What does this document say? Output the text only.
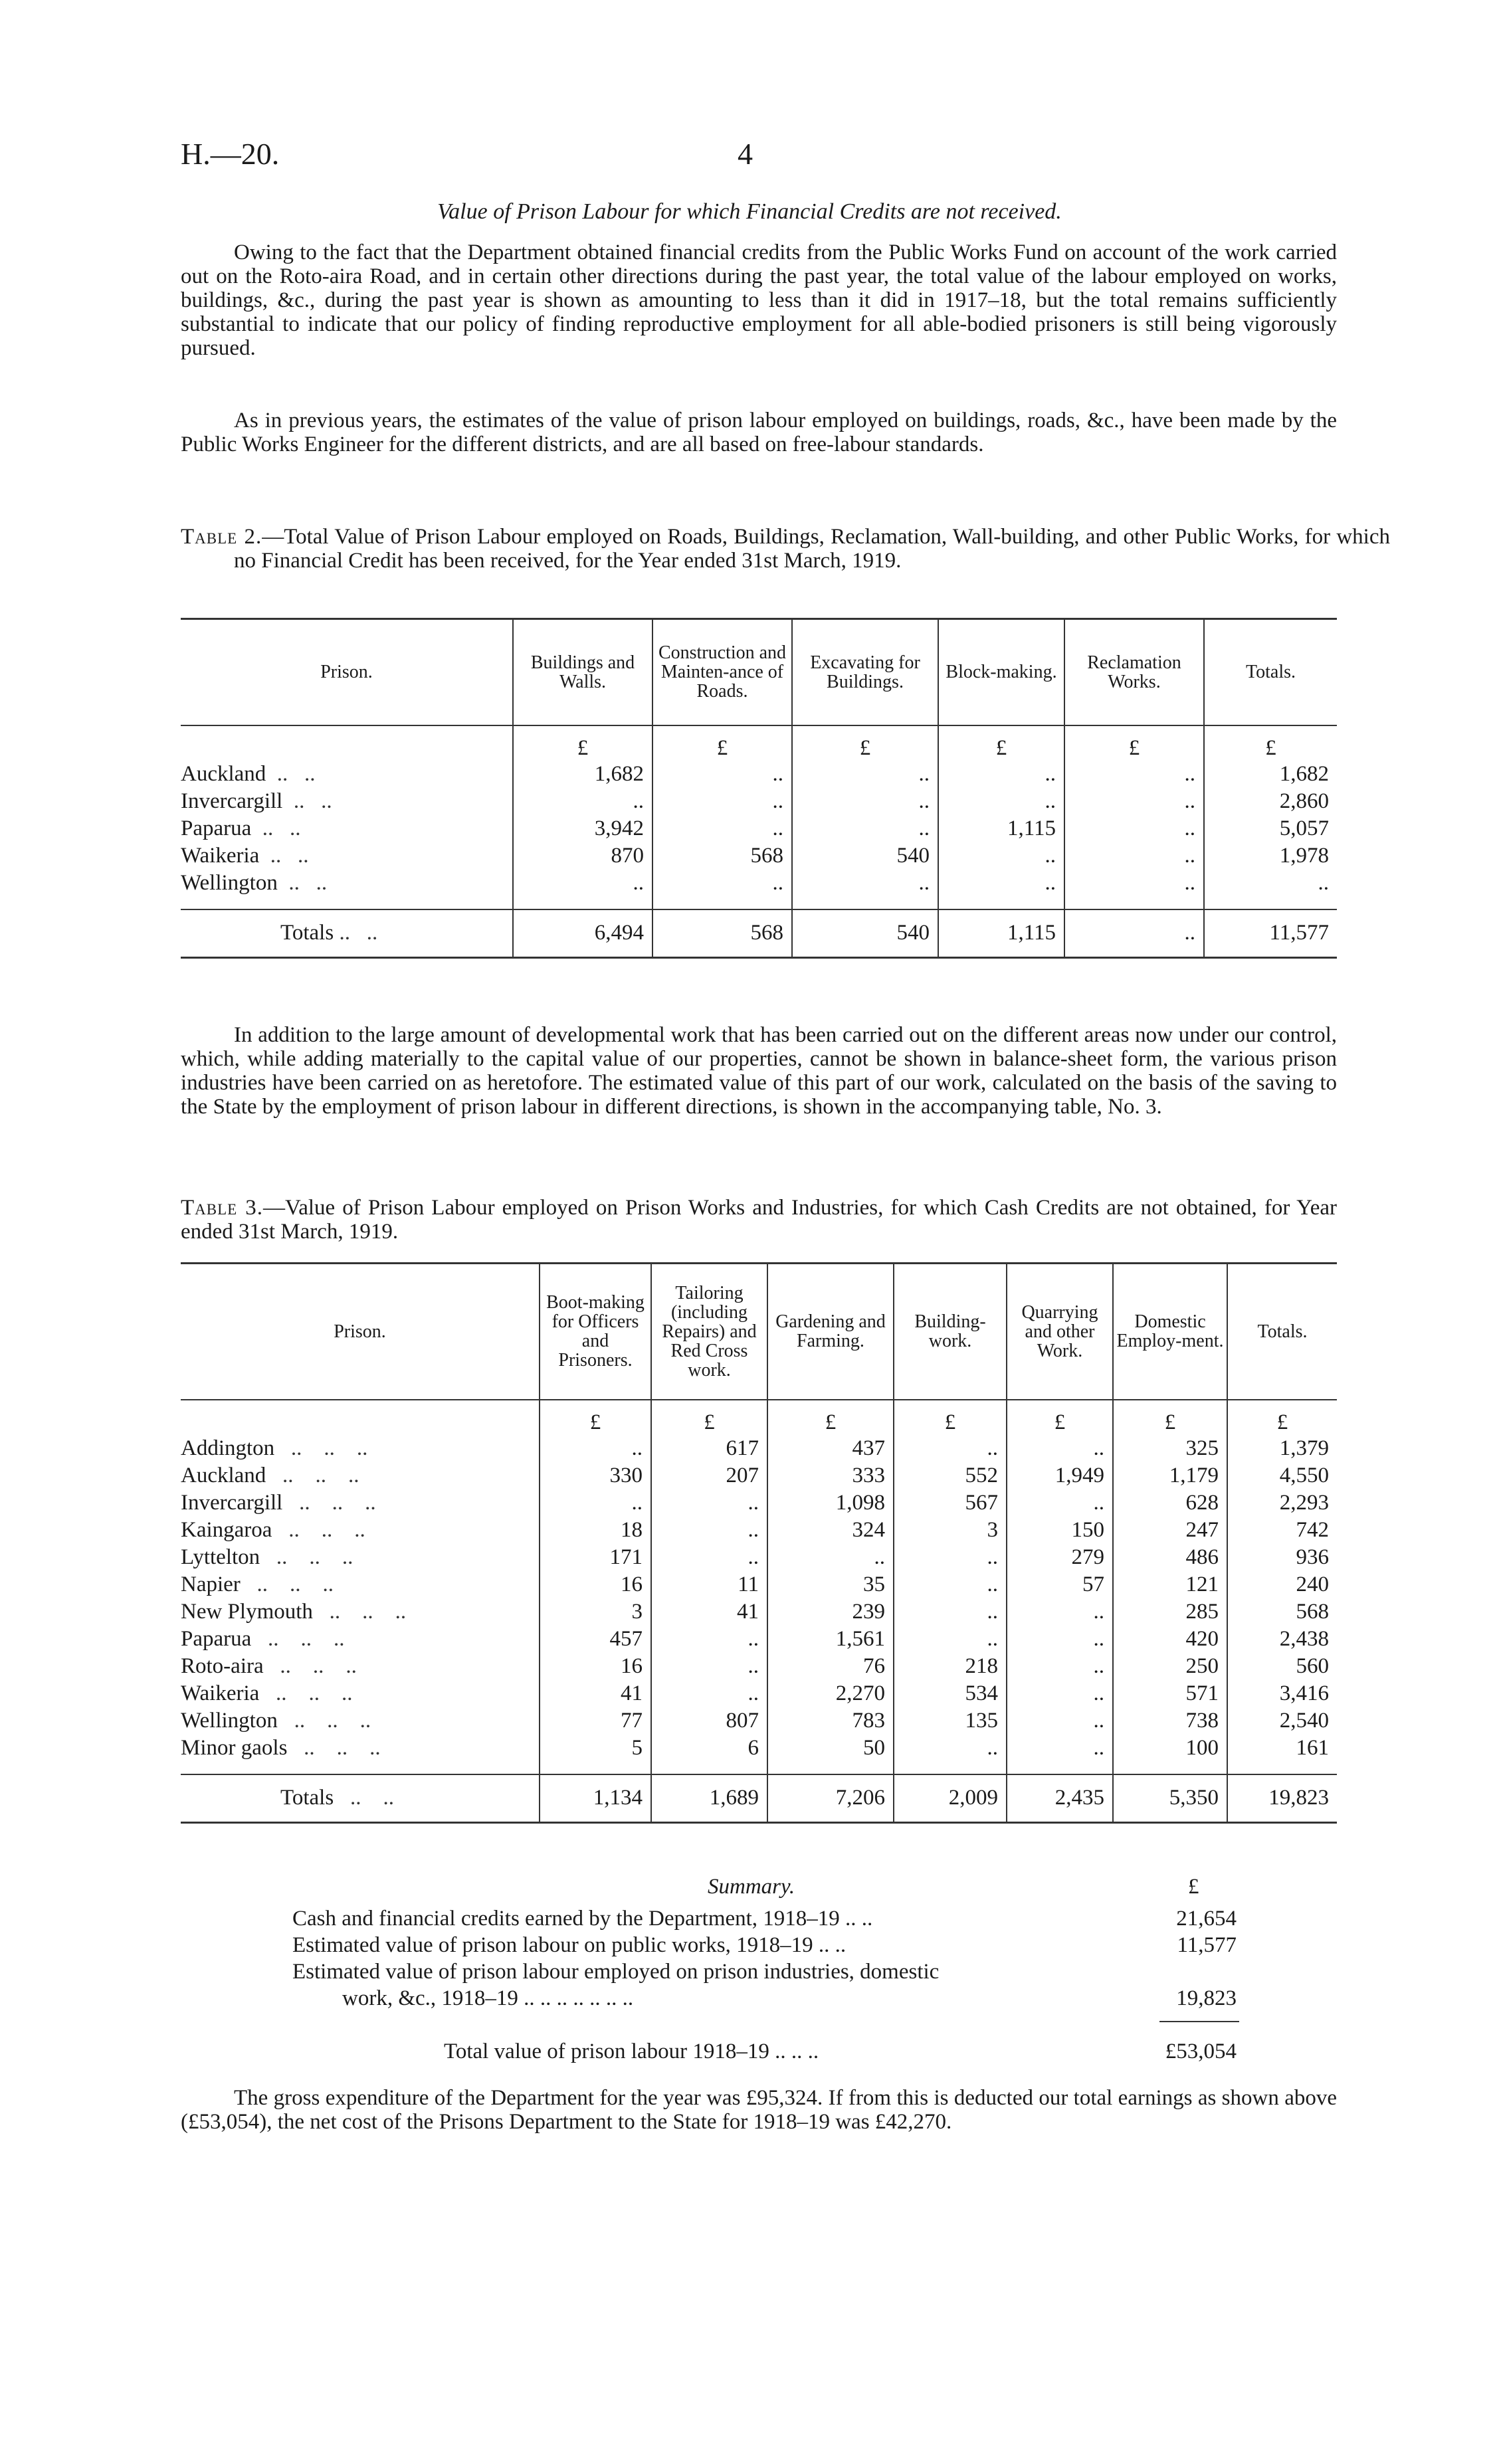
H.—20.	4
Value of Prison Labour for which Financial Credits are not received.

Owing to the fact that the Department obtained financial credits from the Public Works Fund on account of the work carried out on the Roto-aira Road, and in certain other directions during the past year, the total value of the labour employed on works, buildings, &c., during the past year is shown as amounting to less than it did in 1917–18, but the total remains sufficiently substantial to indicate that our policy of finding reproductive employment for all able-bodied prisoners is still being vigorously pursued.

As in previous years, the estimates of the value of prison labour employed on buildings, roads, &c., have been made by the Public Works Engineer for the different districts, and are all based on free-labour standards.

Table 2.—Total Value of Prison Labour employed on Roads, Buildings, Reclamation, Wall-building, and other Public Works, for which no Financial Credit has been received, for the Year ended 31st March, 1919.

Prison.	Buildings and Walls.	Construction and Mainten-ance of Roads.	Excavating for Buildings.	Block-making.	Reclamation Works.	Totals.
	£	£	£	£	£	£
Auckland  ..   ..	1,682	..	..	..	..	1,682
Invercargill  ..   ..	..	..	..	..	..	2,860
Paparua  ..   ..	3,942	..	..	1,115	..	5,057
Waikeria  ..   ..	870	568	540	..	..	1,978
Wellington  ..   ..	..	..	..	..	..	..

Totals ..   ..	6,494	568	540	1,115	..	11,577

In addition to the large amount of developmental work that has been carried out on the different areas now under our control, which, while adding materially to the capital value of our properties, cannot be shown in balance-sheet form, the various prison industries have been carried on as heretofore. The estimated value of this part of our work, calculated on the basis of the saving to the State by the employment of prison labour in different directions, is shown in the accompanying table, No. 3.

Table 3.—Value of Prison Labour employed on Prison Works and Industries, for which Cash Credits are not obtained, for Year ended 31st March, 1919.

Prison.	Boot-making for Officers and Prisoners.	Tailoring (including Repairs) and Red Cross work.	Gardening and Farming.	Building-work.	Quarrying and other Work.	Domestic Employ-ment.	Totals.
	£	£	£	£	£	£	£
Addington   ..    ..    ..	..	617	437	..	..	325	1,379
Auckland   ..    ..    ..	330	207	333	552	1,949	1,179	4,550
Invercargill   ..    ..    ..	..	..	1,098	567	..	628	2,293
Kaingaroa   ..    ..    ..	18	..	324	3	150	247	742
Lyttelton   ..    ..    ..	171	..	..	..	279	486	936
Napier   ..    ..    ..	16	11	35	..	57	121	240
New Plymouth   ..    ..    ..	3	41	239	..	..	285	568
Paparua   ..    ..    ..	457	..	1,561	..	..	420	2,438
Roto-aira   ..    ..    ..	16	..	76	218	..	250	560
Waikeria   ..    ..    ..	41	..	2,270	534	..	571	3,416
Wellington   ..    ..    ..	77	807	783	135	..	738	2,540
Minor gaols   ..    ..    ..	5	6	50	..	..	100	161

Totals   ..    ..	1,134	1,689	7,206	2,009	2,435	5,350	19,823
Summary.	£
Cash and financial credits earned by the Department, 1918–19 .. ..	21,654
Estimated value of prison labour on public works, 1918–19 .. ..	11,577
Estimated value of prison labour employed on prison industries, domestic
work, &c., 1918–19 .. .. .. .. .. .. ..	19,823
Total value of prison labour 1918–19 .. .. ..	£53,054

The gross expenditure of the Department for the year was £95,324. If from this is deducted our total earnings as shown above (£53,054), the net cost of the Prisons Department to the State for 1918–19 was £42,270.
